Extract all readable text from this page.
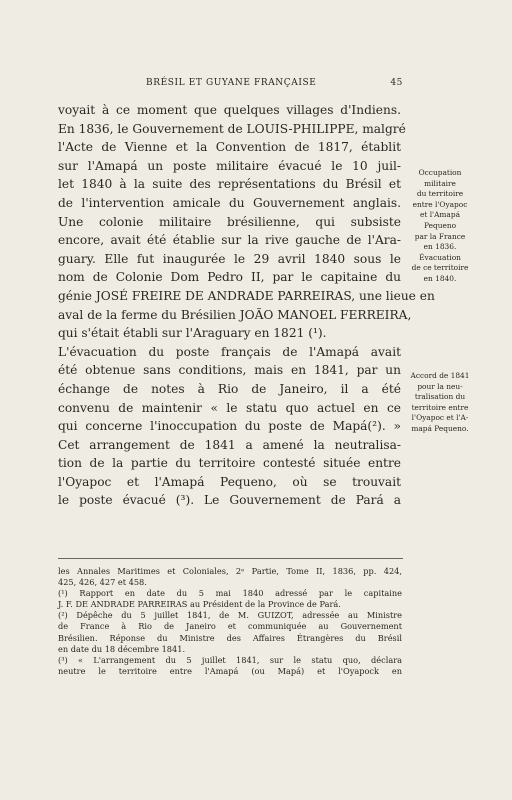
BRÉSIL ET GUYANE FRANÇAISE	45
voyait à ce moment que quelques villages d'Indiens.
En 1836, le Gouvernement de LOUIS-PHILIPPE, malgré
l'Acte de Vienne et la Convention de 1817, établit
sur l'Amapá un poste militaire évacué le 10 juil-
let 1840 à la suite des représentations du Brésil et
de l'intervention amicale du Gouvernement anglais.
Une colonie militaire brésilienne, qui subsiste
encore, avait été établie sur la rive gauche de l'Ara-
guary. Elle fut inaugurée le 29 avril 1840 sous le
nom de Colonie Dom Pedro II, par le capitaine du
génie JOSÉ FREIRE DE ANDRADE PARREIRAS, une lieue en
aval de la ferme du Brésilien JOÃO MANOEL FERREIRA,
qui s'était établi sur l'Araguary en 1821 (¹).
L'évacuation du poste français de l'Amapá avait
été obtenue sans conditions, mais en 1841, par un
échange de notes à Rio de Janeiro, il a été
convenu de maintenir « le statu quo actuel en ce
qui concerne l'inoccupation du poste de Mapá(²). »
Cet arrangement de 1841 a amené la neutralisa-
tion de la partie du territoire contesté située entre
l'Oyapoc et l'Amapá Pequeno, où se trouvait
le poste évacué (³). Le Gouvernement de Pará a
Occupation
militaire
du territoire
entre l'Oyapoc
et l'Amapá
Pequeno
par la France
en 1836.
Évacuation
de ce territoire
en 1840.
Accord de 1841
pour la neu-
tralisation du
territoire entre
l'Oyapoc et l'A-
mapá Pequeno.
les Annales Maritimes et Coloniales, 2ᵉ Partie, Tome II, 1836, pp. 424,
425, 426, 427 et 458.
(¹) Rapport en date du 5 mai 1840 adressé par le capitaine
J. F. DE ANDRADE PARREIRAS au Président de la Province de Pará.
(²) Dépêche du 5 juillet 1841, de M. GUIZOT, adressée au Ministre
de France à Rio de Janeiro et communiquée au Gouvernement
Brésilien. Réponse du Ministre des Affaires Étrangères du Brésil
en date du 18 décembre 1841.
(³) « L'arrangement du 5 juillet 1841, sur le statu quo, déclara
neutre le territoire entre l'Amapá (ou Mapá) et l'Oyapock en
